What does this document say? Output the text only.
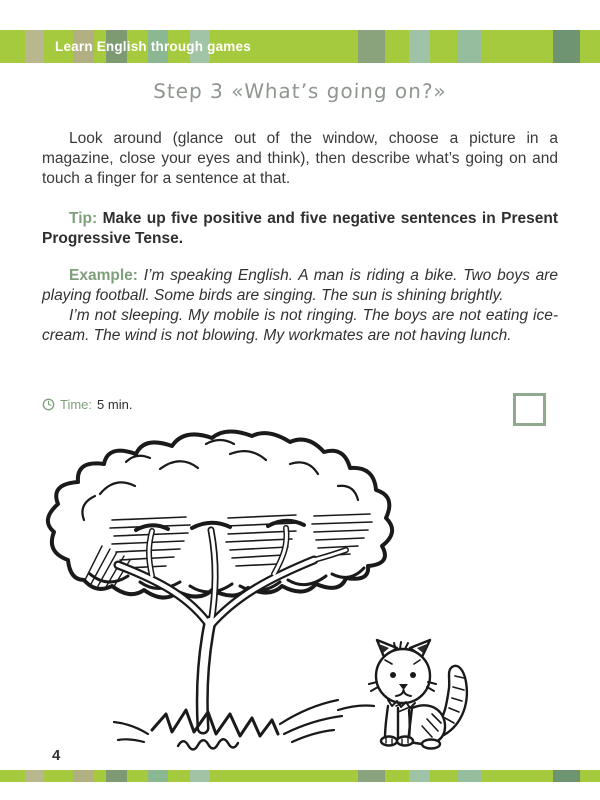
Learn English through games
Step 3 «What’s going on?»

Look around (glance out of the window, choose a picture in a magazine, close your eyes and think), then describe what’s going on and touch a finger for a sentence at that.

Tip: Make up five positive and five negative sentences in Present Progressive Tense.

Example: I’m speaking English. A man is riding a bike. Two boys are playing football. Some birds are singing. The sun is shining brightly.

I’m not sleeping. My mobile is not ringing. The boys are not eating ice-cream. The wind is not blowing. My workmates are not having lunch.

Time: 5 min.
4
